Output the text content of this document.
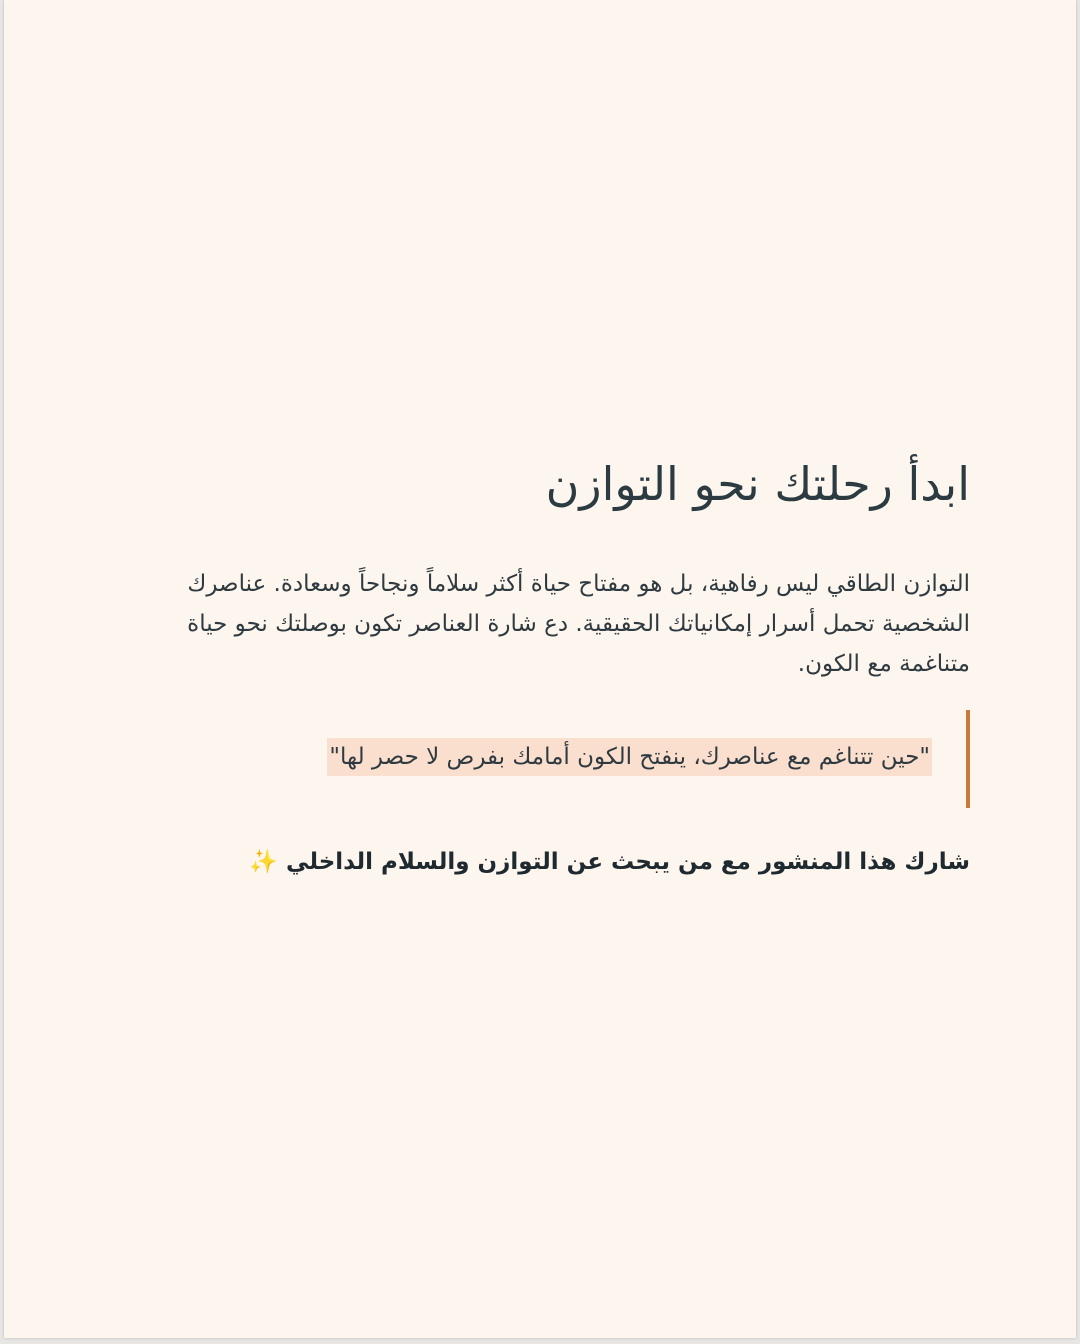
ابدأ رحلتك نحو التوازن

التوازن الطاقي ليس رفاهية، بل هو مفتاح حياة أكثر سلاماً ونجاحاً وسعادة. عناصرك الشخصية تحمل أسرار إمكانياتك الحقيقية. دع شارة العناصر تكون بوصلتك نحو حياة متناغمة مع الكون.

"حين تتناغم مع عناصرك، ينفتح الكون أمامك بفرص لا حصر لها"

شارك هذا المنشور مع من يبحث عن التوازن والسلام الداخلي ✨
